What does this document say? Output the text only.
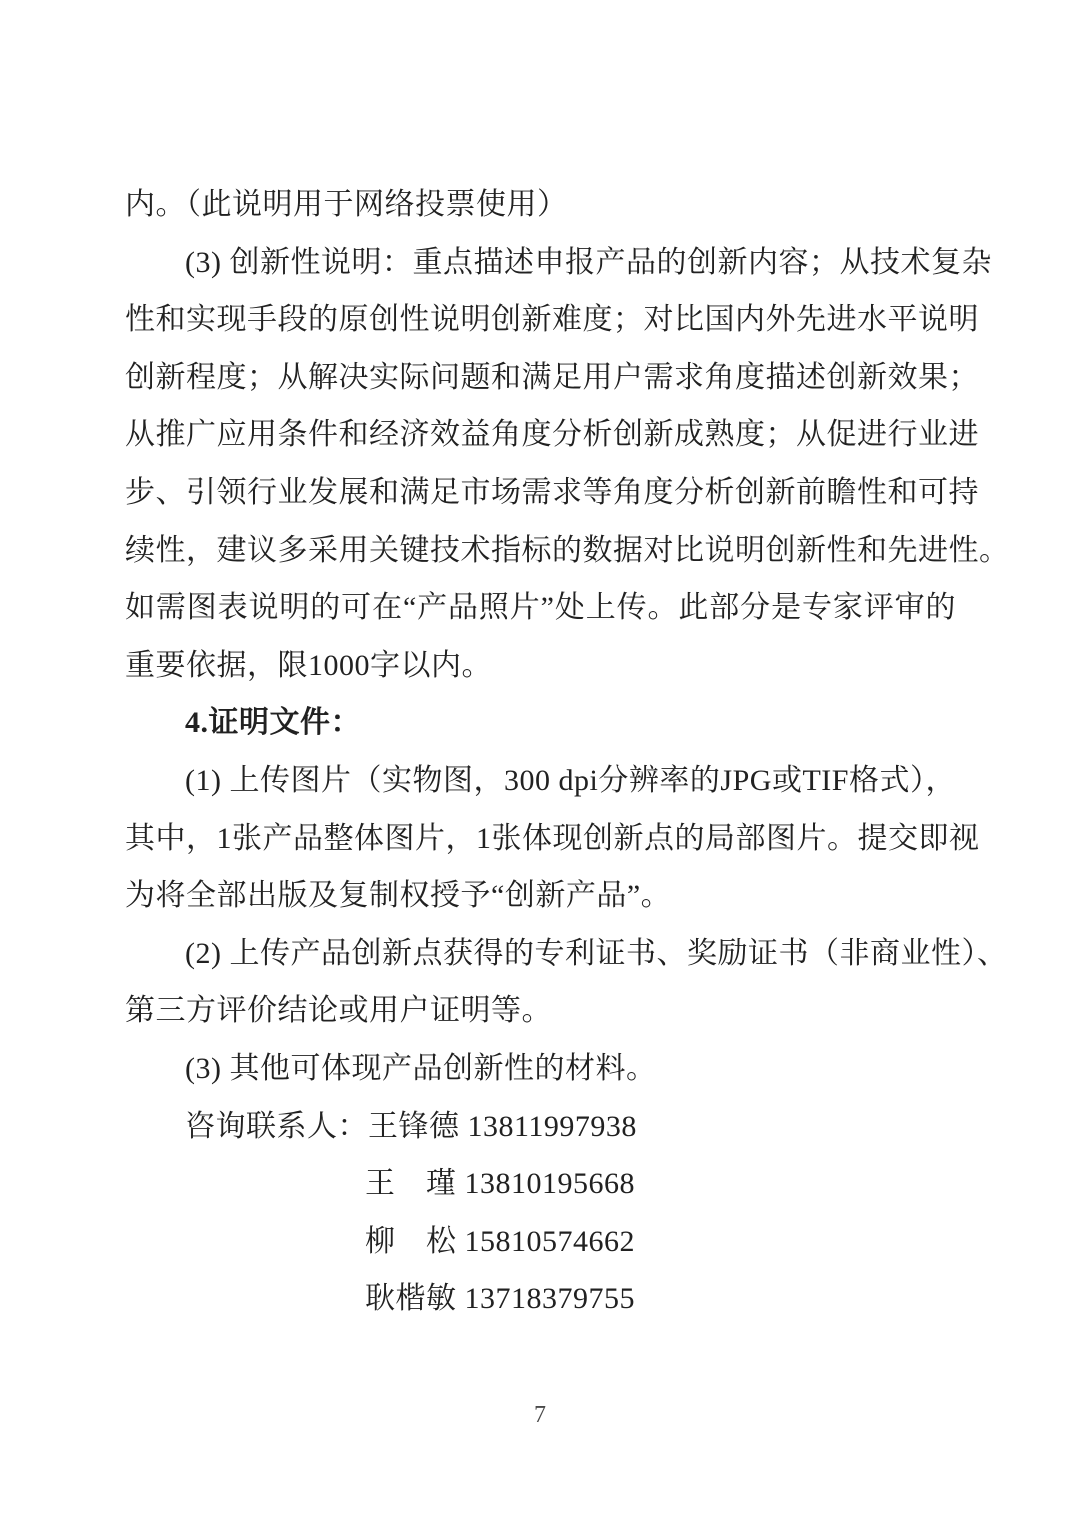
内。（此说明用于网络投票使用）
(3) 创新性说明：重点描述申报产品的创新内容；从技术复杂
性和实现手段的原创性说明创新难度；对比国内外先进水平说明
创新程度；从解决实际问题和满足用户需求角度描述创新效果；
从推广应用条件和经济效益角度分析创新成熟度；从促进行业进
步、引领行业发展和满足市场需求等角度分析创新前瞻性和可持
续性，建议多采用关键技术指标的数据对比说明创新性和先进性。
如需图表说明的可在“产品照片”处上传。此部分是专家评审的
重要依据，限1000字以内。
4.证明文件：
(1) 上传图片（实物图，300 dpi分辨率的JPG或TIF格式），
其中，1张产品整体图片，1张体现创新点的局部图片。提交即视
为将全部出版及复制权授予“创新产品”。
(2) 上传产品创新点获得的专利证书、奖励证书（非商业性）、
第三方评价结论或用户证明等。
(3) 其他可体现产品创新性的材料。
咨询联系人：王锋德 13811997938
王　瑾 13810195668
柳　松 15810574662
耿楷敏 13718379755
7
